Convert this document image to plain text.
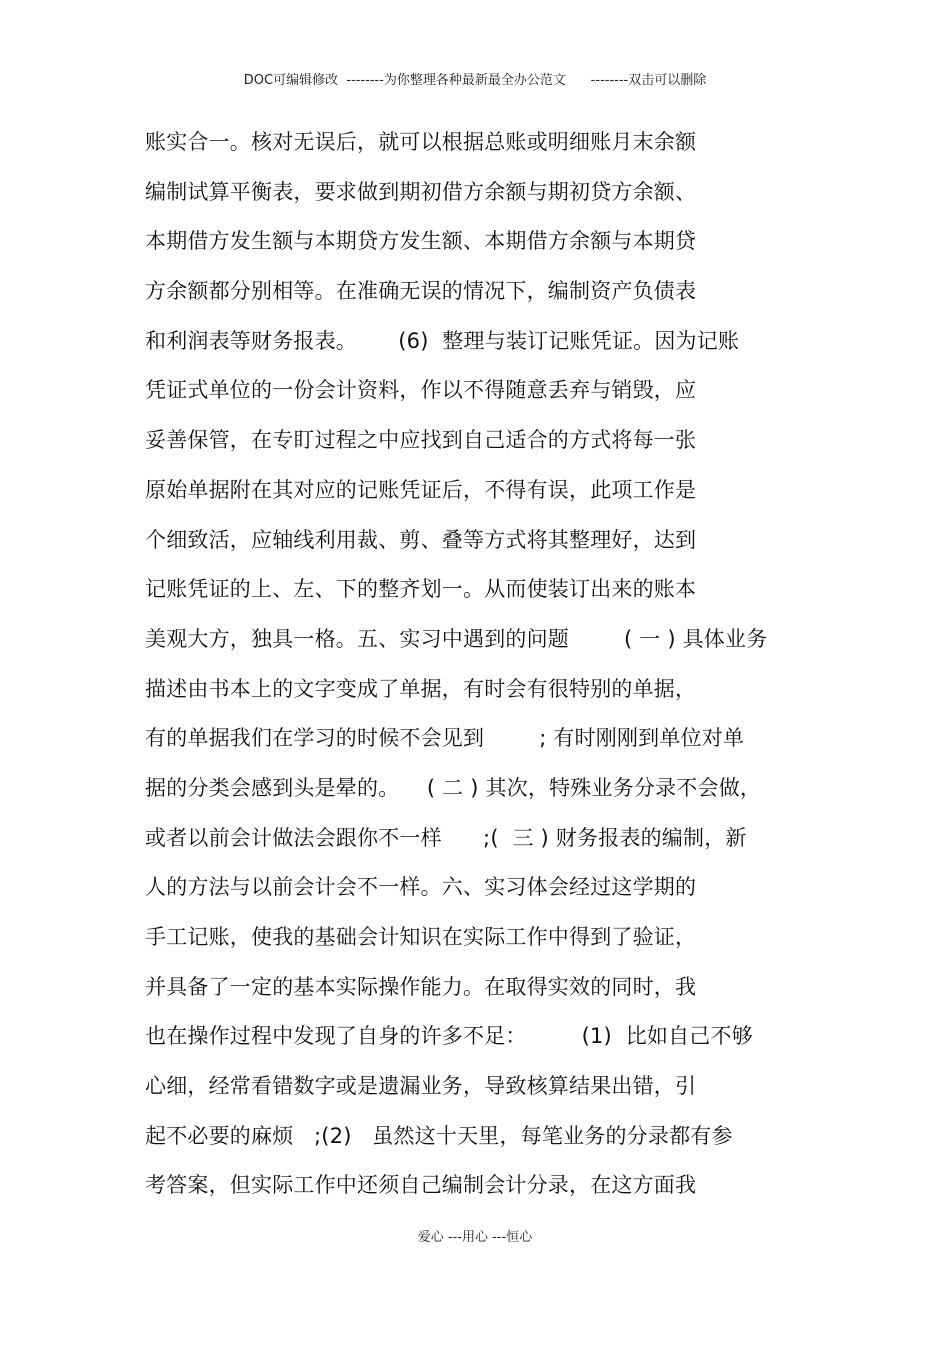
DOC可编辑修改  --------为你整理各种最新最全办公范文      --------双击可以删除
账实合一。核对无误后，就可以根据总账或明细账月末余额
编制试算平衡表，要求做到期初借方余额与期初贷方余额、
本期借方发生额与本期贷方发生额、本期借方余额与本期贷
方余额都分别相等。在准确无误的情况下，编制资产负债表
和利润表等财务报表。      (6)  整理与装订记账凭证。因为记账
凭证式单位的一份会计资料，作以不得随意丢弃与销毁，应
妥善保管，在专盯过程之中应找到自己适合的方式将每一张
原始单据附在其对应的记账凭证后，不得有误，此项工作是
个细致活，应轴线利用裁、剪、叠等方式将其整理好，达到
记账凭证的上、左、下的整齐划一。从而使装订出来的账本
美观大方，独具一格。五、实习中遇到的问题        ( 一 ) 具体业务
描述由书本上的文字变成了单据，有时会有很特别的单据，
有的单据我们在学习的时候不会见到        ; 有时刚刚到单位对单
据的分类会感到头是晕的。    ( 二 ) 其次，特殊业务分录不会做，
或者以前会计做法会跟你不一样      ;(  三 ) 财务报表的编制，新
人的方法与以前会计会不一样。六、实习体会经过这学期的
手工记账，使我的基础会计知识在实际工作中得到了验证，
并具备了一定的基本实际操作能力。在取得实效的同时，我
也在操作过程中发现了自身的许多不足：        (1)  比如自己不够
心细，经常看错数字或是遗漏业务，导致核算结果出错，引
起不必要的麻烦   ;(2)   虽然这十天里，每笔业务的分录都有参
考答案，但实际工作中还须自己编制会计分录，在这方面我
爱心 ---用心 ---恒心
